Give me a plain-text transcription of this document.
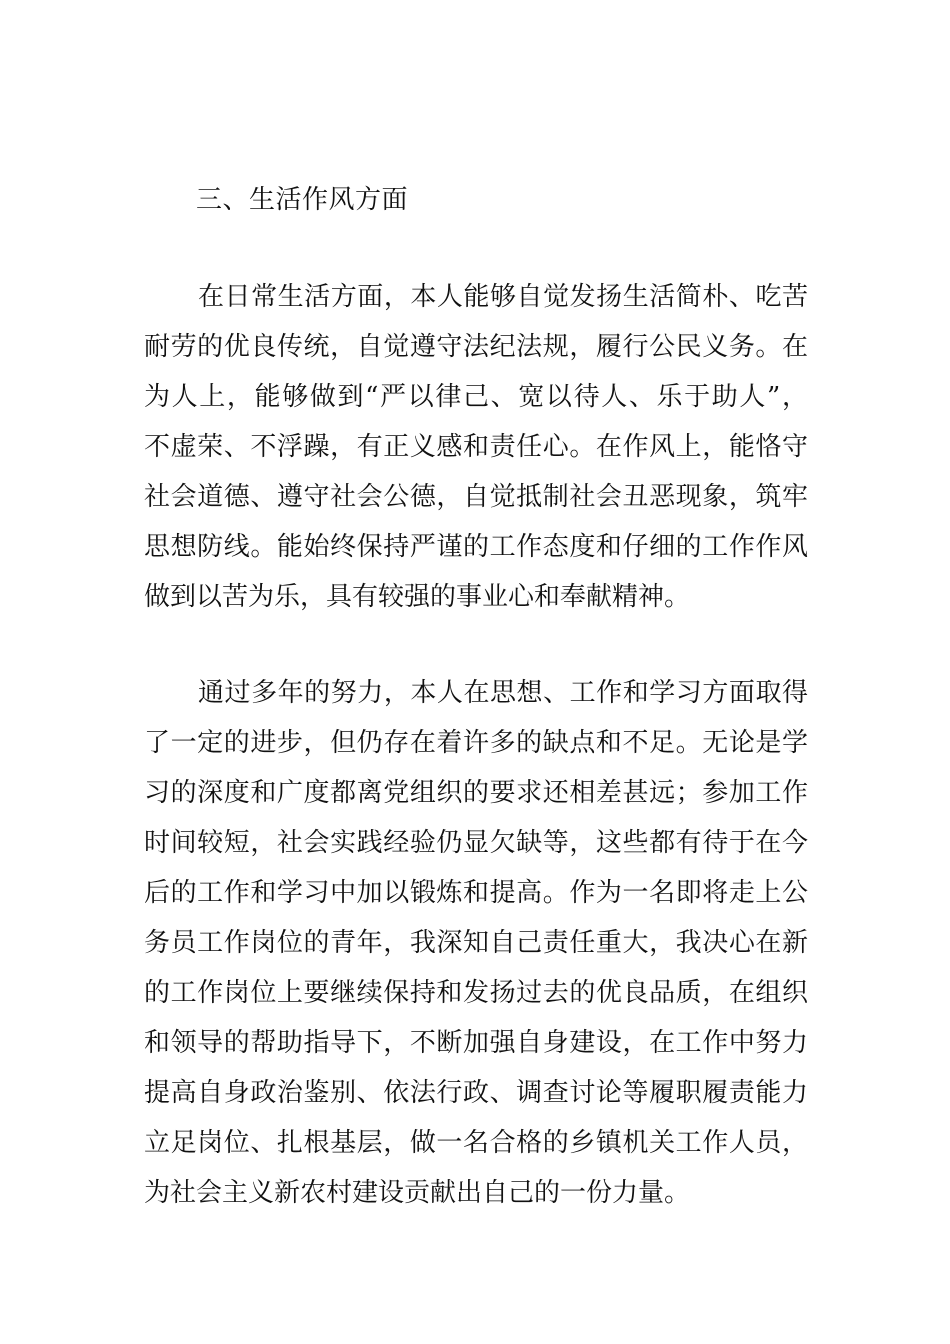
三、生活作风方面
在日常生活方面，本人能够自觉发扬生活简朴、吃苦
耐劳的优良传统，自觉遵守法纪法规，履行公民义务。在
为人上，能够做到“严以律己、宽以待人、乐于助人”，
不虚荣、不浮躁，有正义感和责任心。在作风上，能恪守
社会道德、遵守社会公德，自觉抵制社会丑恶现象，筑牢
思想防线。能始终保持严谨的工作态度和仔细的工作作风
做到以苦为乐，具有较强的事业心和奉献精神。
通过多年的努力，本人在思想、工作和学习方面取得
了一定的进步，但仍存在着许多的缺点和不足。无论是学
习的深度和广度都离党组织的要求还相差甚远；参加工作
时间较短，社会实践经验仍显欠缺等，这些都有待于在今
后的工作和学习中加以锻炼和提高。作为一名即将走上公
务员工作岗位的青年，我深知自己责任重大，我决心在新
的工作岗位上要继续保持和发扬过去的优良品质，在组织
和领导的帮助指导下，不断加强自身建设，在工作中努力
提高自身政治鉴别、依法行政、调查讨论等履职履责能力
立足岗位、扎根基层，做一名合格的乡镇机关工作人员，
为社会主义新农村建设贡献出自己的一份力量。
